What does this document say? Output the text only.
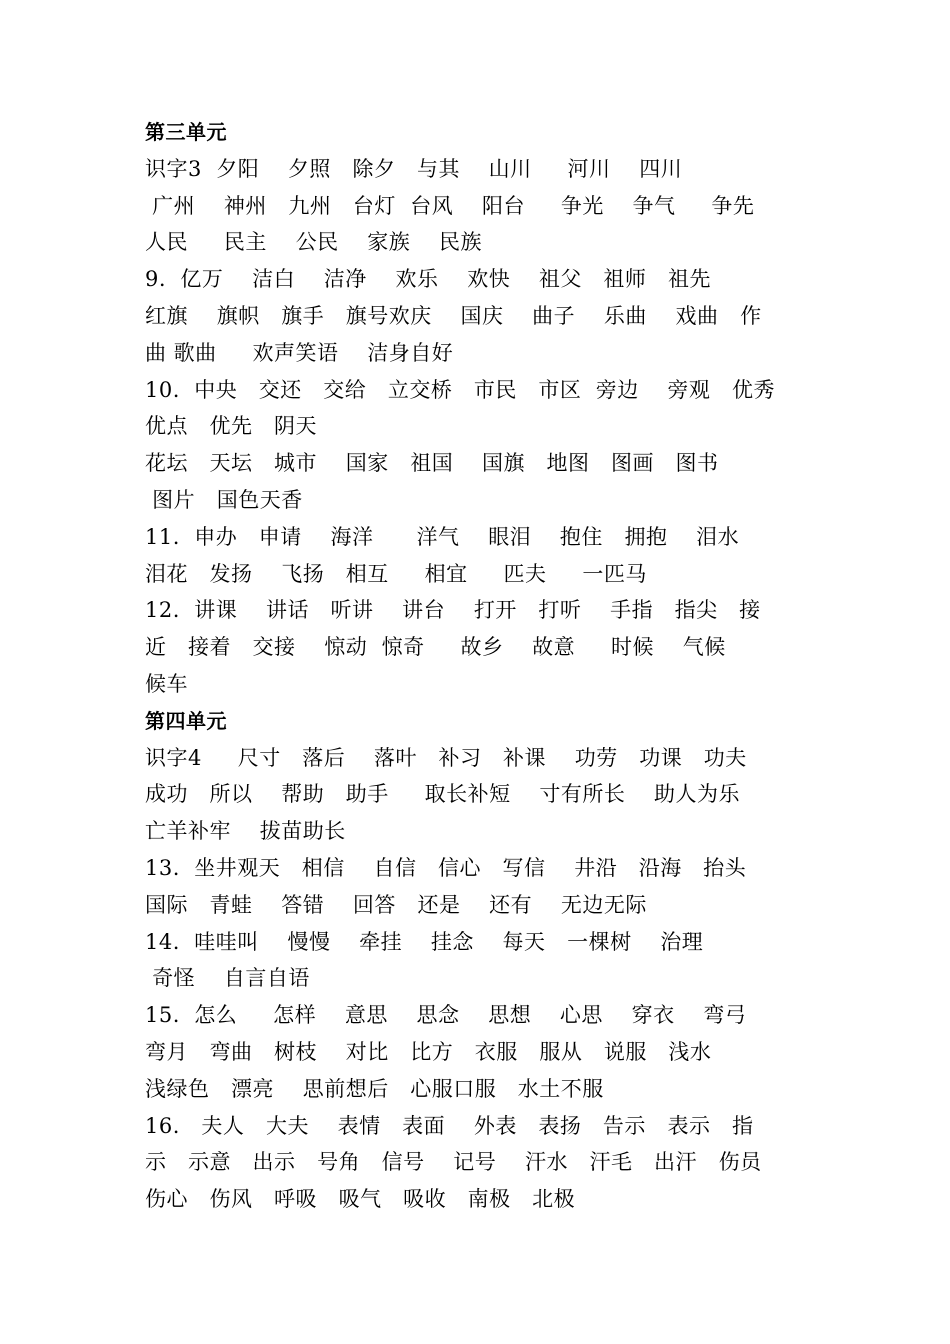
第三单元
识字3  夕阳    夕照   除夕   与其    山川     河川    四川
广州    神州   九州   台灯  台风    阳台     争光    争气     争先
人民     民主    公民    家族    民族
9.  亿万    洁白    洁净    欢乐    欢快    祖父   祖师   祖先
红旗    旗帜   旗手   旗号欢庆    国庆    曲子    乐曲    戏曲   作
曲 歌曲     欢声笑语    洁身自好
10.  中央   交还   交给   立交桥   市民   市区  旁边    旁观   优秀
优点   优先   阴天
花坛   天坛   城市    国家   祖国    国旗   地图   图画   图书
图片   国色天香
11.  申办   申请    海洋      洋气    眼泪    抱住   拥抱    泪水
泪花   发扬    飞扬   相互     相宜     匹夫     一匹马
12.  讲课    讲话   听讲    讲台    打开   打听    手指   指尖   接
近   接着   交接    惊动  惊奇     故乡    故意     时候    气候
候车
第四单元
识字4     尺寸   落后    落叶   补习   补课    功劳   功课   功夫
成功   所以    帮助   助手     取长补短    寸有所长    助人为乐
亡羊补牢    拔苗助长
13.  坐井观天   相信    自信   信心   写信    井沿   沿海   抬头
国际   青蛙    答错    回答   还是    还有    无边无际
14.  哇哇叫    慢慢    牵挂    挂念    每天   一棵树    治理
奇怪    自言自语
15.  怎么     怎样    意思    思念    思想    心思    穿衣    弯弓
弯月   弯曲   树枝    对比   比方   衣服   服从   说服   浅水
浅绿色   漂亮    思前想后   心服口服   水土不服
16.   夫人   大夫    表情   表面    外表   表扬   告示   表示   指
示   示意   出示   号角   信号    记号    汗水   汗毛   出汗   伤员
伤心   伤风   呼吸   吸气   吸收   南极   北极
